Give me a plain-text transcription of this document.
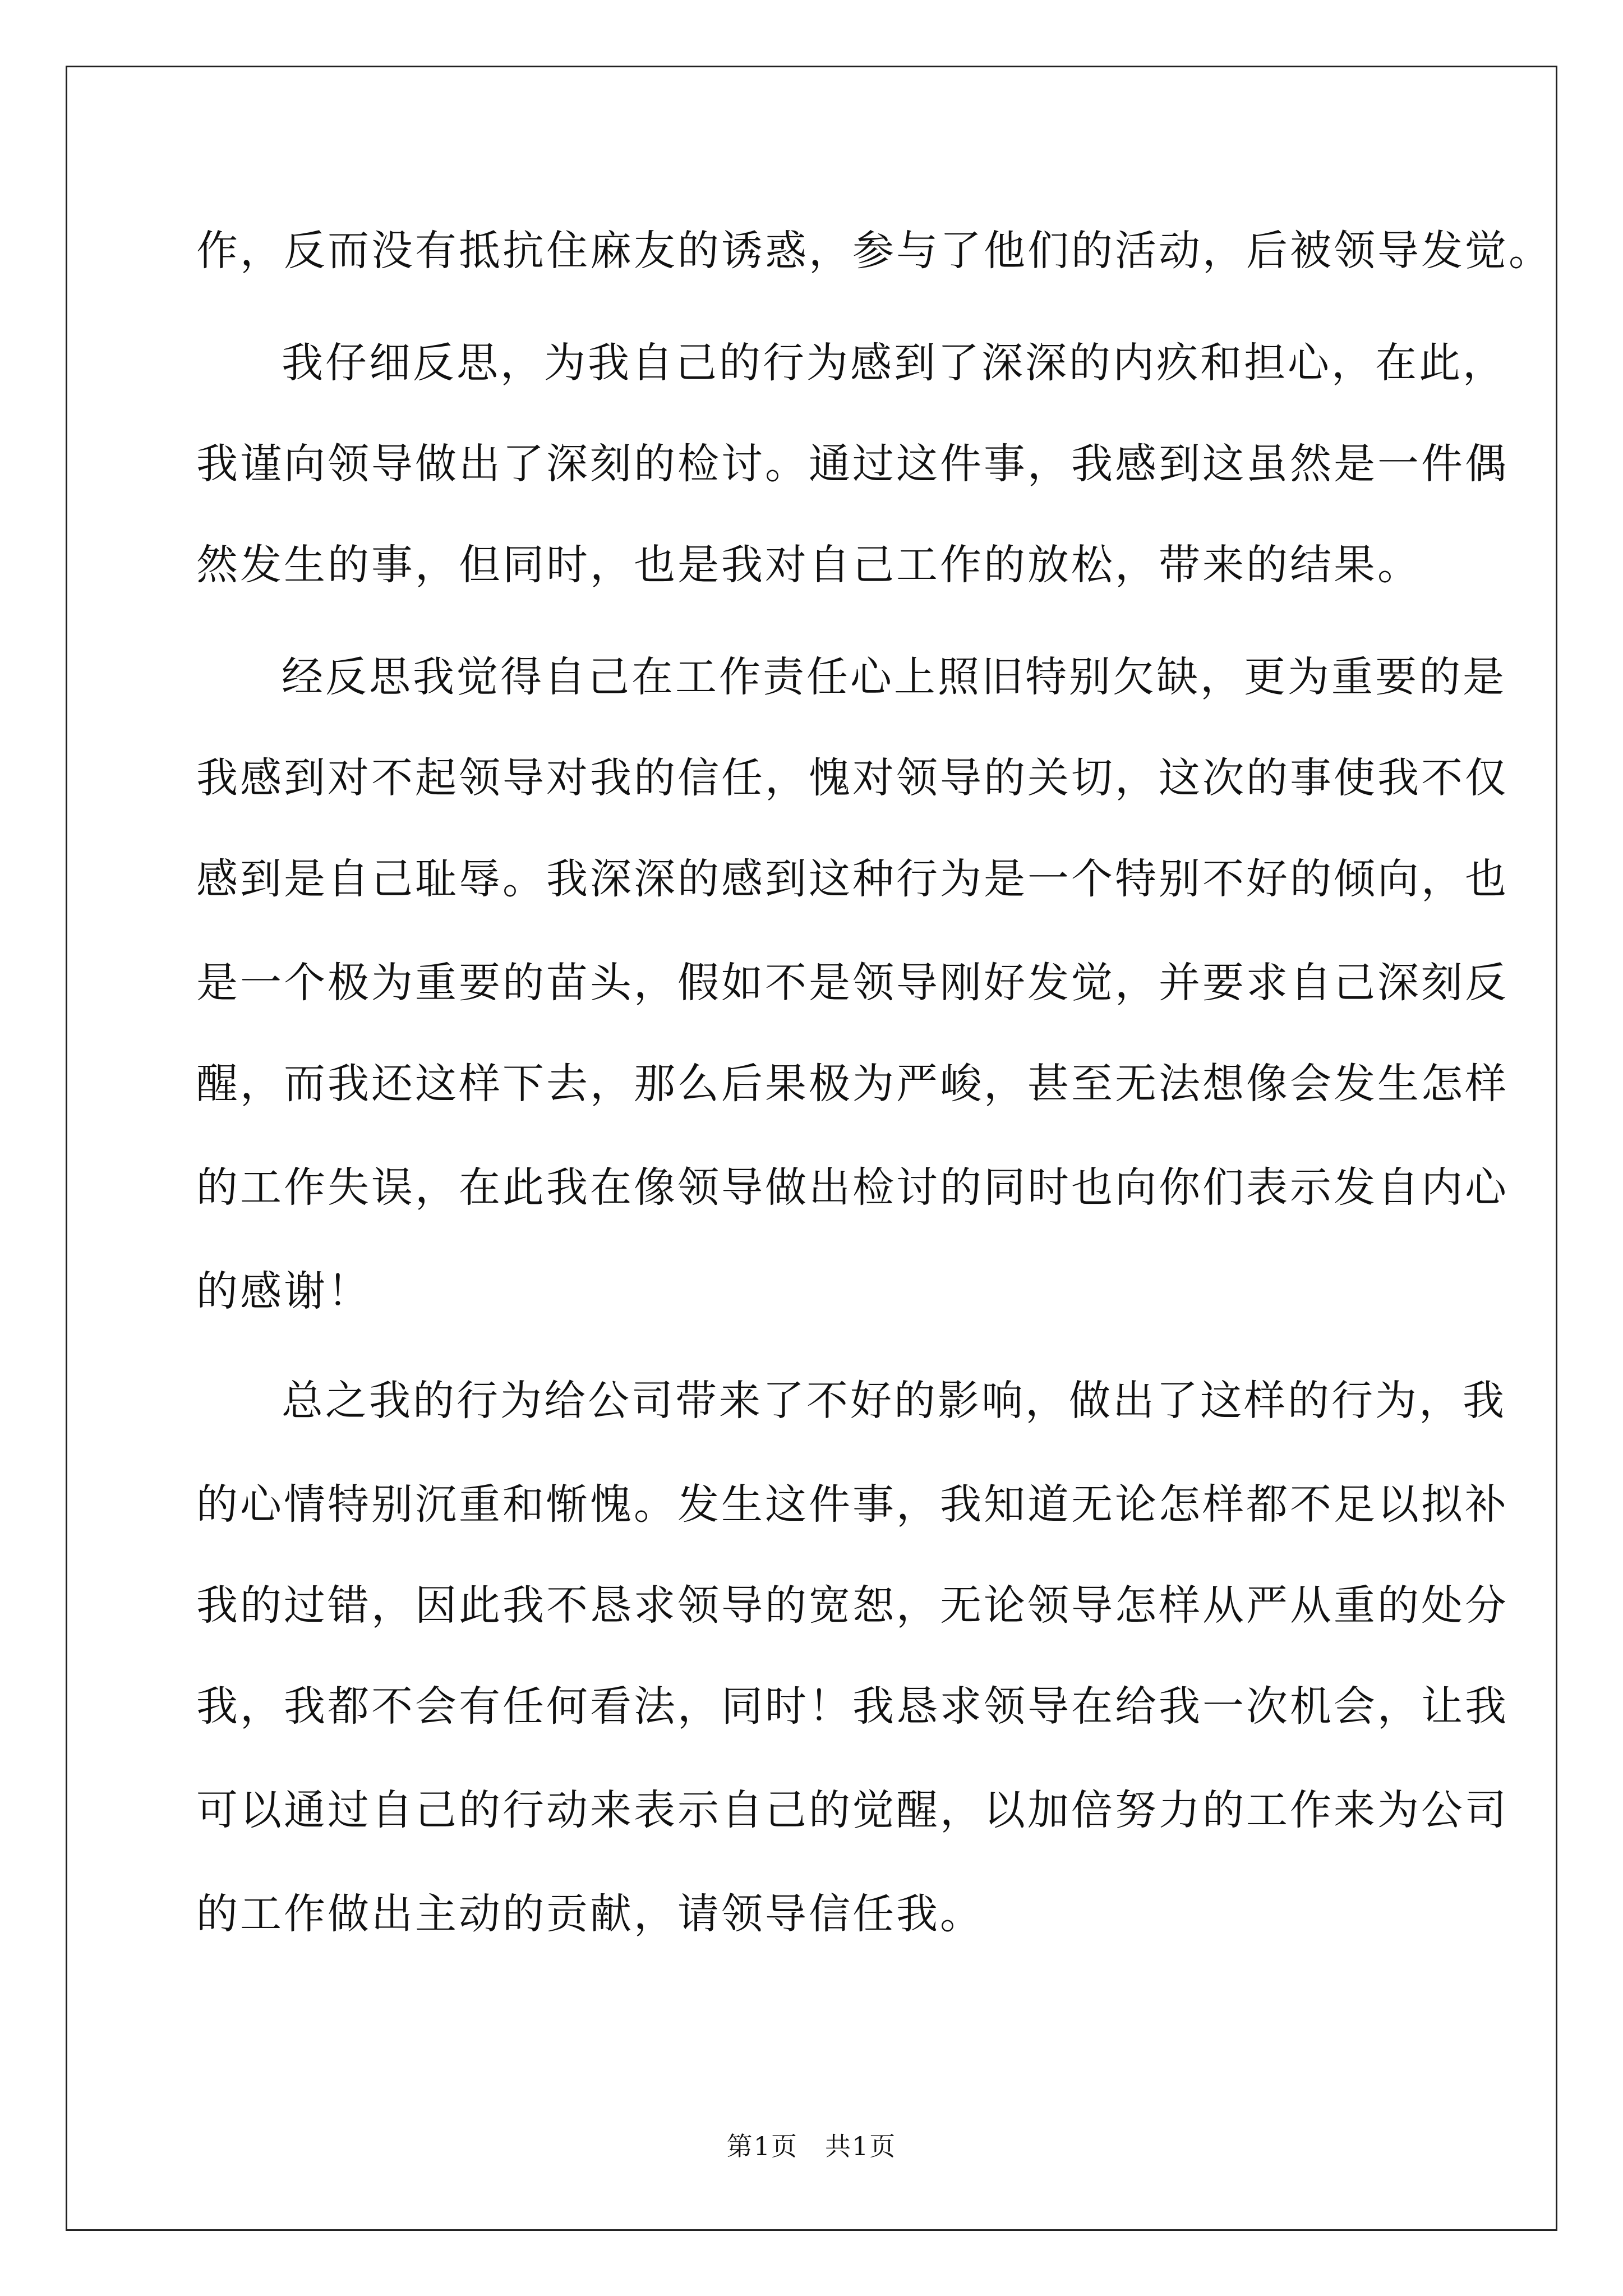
作，反而没有抵抗住麻友的诱惑，参与了他们的活动，后被领导发觉。
我仔细反思，为我自己的行为感到了深深的内疚和担心，在此，
我谨向领导做出了深刻的检讨。通过这件事，我感到这虽然是一件偶
然发生的事，但同时，也是我对自己工作的放松，带来的结果。
经反思我觉得自己在工作责任心上照旧特别欠缺，更为重要的是
我感到对不起领导对我的信任，愧对领导的关切，这次的事使我不仅
感到是自己耻辱。我深深的感到这种行为是一个特别不好的倾向，也
是一个极为重要的苗头，假如不是领导刚好发觉，并要求自己深刻反
醒，而我还这样下去，那么后果极为严峻，甚至无法想像会发生怎样
的工作失误，在此我在像领导做出检讨的同时也向你们表示发自内心
的感谢！
总之我的行为给公司带来了不好的影响，做出了这样的行为，我
的心情特别沉重和惭愧。发生这件事，我知道无论怎样都不足以拟补
我的过错，因此我不恳求领导的宽恕，无论领导怎样从严从重的处分
我，我都不会有任何看法，同时！我恳求领导在给我一次机会，让我
可以通过自己的行动来表示自己的觉醒，以加倍努力的工作来为公司
的工作做出主动的贡献，请领导信任我。
第1页　共1页
